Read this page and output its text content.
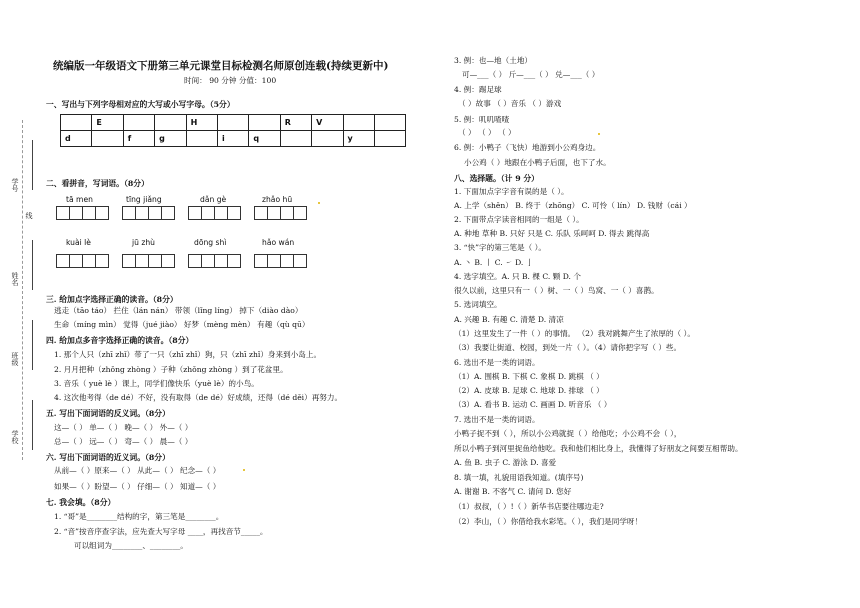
学号
姓名
班级
学校
线
统编版一年级语文下册第三单元课堂目标检测名师原创连载(持续更新中)
时间： 90 分钟 分值：100
一、写出与下列字母相对应的大写或小写字母。（5分）
	E			H			R	V		
d		f	g		i	q			y	
二、看拼音，写词语。（8分）
tā men	tīng jiǎng	dǎn gè	zhǎo hū
kuài lè	jū zhù	dōng shì	hǎo wán
三. 给加点字选择正确的读音。（8分）
逃走（tāo táo） 拦住（lán nán） 带领（lǐng líng） 掉下（diào dào）
生命（míng mìn） 觉得（jué jiào） 好梦（mèng mèn） 有趣（qù qū）
四. 给加点多音字选择正确的读音。（8分）
1. 那个人只（zhī zhǐ）带了一只（zhī zhǐ）狗，只（zhī zhǐ）身来到小岛上。
2. 月月把种（zhǒng zhòng ）子种（zhǒng zhòng ）到了花盆里。
3. 音乐（ yuè lè ）课上，同学们像快乐（yuè lè）的小鸟。
4. 这次他考得（de dé）不好，没有取得（de dé）好成绩，还得（dé děi）再努力。
五. 写出下面词语的反义词。（8分）
这—（ ） 单—（ ） 晚—（ ） 外—（ ）
总—（ ） 远—（ ） 弯—（ ） 晨—（ ）
六. 写出下面词语的近义词。（8分）
从前—（ ）原来—（ ） 从此—（ ） 纪念—（ ）
如果—（ ）盼望—（ ） 仔细—（ ） 知道—（ ）
七. 我会填。（8分）
1. “哥”是________结构的字，第三笔是________。
2. “音”按音序查字法，应先查大写字母 ____，再找音节_____。
可以组词为________、________。
3. 例：也—地（土地）
可—___（ ） 斤—___（ ） 兑—___（ ）
4. 例：踢足球
（ ）故事 （ ）音乐 （ ）游戏
5. 例：叽叽喳喳
（ ） （ ） （ ）
6. 例：小鸭子（飞快）地游到小公鸡身边。
小公鸡（ ）地跟在小鸭子后面，也下了水。
八、选择题。（计 9 分）
1. 下面加点字字音有误的是（ ）。
A. 上学（shěn） B. 终于（zhōng） C. 可怜（ lín） D. 钱财（cái ）
2. 下面带点字读音相同的一组是（ ）。
A. 种地 草种 B. 只好 只是 C. 乐队 乐呵呵 D. 得去 跳得高
3. “快”字的第三笔是（ ）。
A. 丶 B. 丨 C. ㇀ D. 亅
4. 选字填空。A. 只 B. 棵 C. 颗 D. 个
很久以前，这里只有一（ ）树、一（ ）鸟窝、一（ ）喜鹊。
5. 选词填空。
A. 兴趣 B. 有趣 C. 清楚 D. 清凉
（1）这里发生了一件（ ）的事情。 （2）我对跳舞产生了浓厚的（ ）。
（3）我要让街道、校园，到处一片（ ）。（4）请你把字写（ ）些。
6. 选出不是一类的词语。
（1）A. 围棋 B. 下棋 C. 象棋 D. 跳棋 （ ）
（2）A. 皮球 B. 足球 C. 地球 D. 排球 （ ）
（3）A. 看书 B. 运动 C. 画画 D. 听音乐 （ ）
7. 选出不是一类的词语。
小鸭子捉不到（ ），所以小公鸡就捉（ ）给他吃；小公鸡不会（ ），
所以小鸭子到河里捉鱼给他吃。我和他们相比身上，我懂得了好朋友之间要互相帮助。
A. 鱼 B. 虫子 C. 游泳 D. 喜爱
8. 填一填，礼貌用语我知道。(填序号)
A. 谢谢 B. 不客气 C. 请问 D. 您好
（1）叔叔，（ ）!（ ）新华书店要往哪边走?
（2）李山，（ ）你借给我水彩笔。（ ），我们是同学呀！
